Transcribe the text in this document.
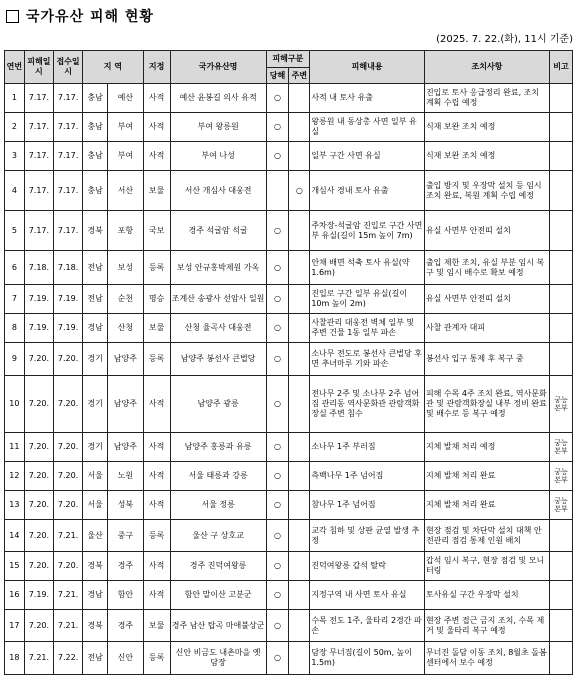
국가유산 피해 현황
(2025. 7. 22.(화), 11시 기준)
연번	피해일시	접수일시	지 역		지정	국가유산명	피해구분		피해내용	조치사항	비고
							당해	주변			
1	7.17.	7.17.	충남	예산	사적	예산 윤봉길 의사 유적	○		사적 내 토사 유출	진입로 토사 응급정리 완료, 조치 계획 수립 예정	
2	7.17.	7.17.	충남	부여	사적	부여 왕릉원	○		왕릉원 내 동상총 사면 일부 유실	식재 보완 조치 예정	
3	7.17.	7.17.	충남	부여	사적	부여 나성	○		일부 구간 사면 유실	식재 보완 조치 예정	
4	7.17.	7.17.	충남	서산	보물	서산 개심사 대웅전		○	개심사 경내 토사 유출	출입 방지 및 우장막 설치 등 임시조치 완료, 복원 계획 수립 예정	
5	7.17.	7.17.	경북	포항	국보	경주 석굴암 석굴	○		주차장-석굴암 진입로 구간 사면부 유실(길이 15m 높이 7m)	유실 사면부 안전띠 설치	
6	7.18.	7.18.	전남	보성	등록	보성 안규홍박제원 가옥	○		안채 배면 석축 토사 유실(약 1.6m)	출입 제한 조치, 유실 부분 임시 복구 및 임시 배수로 확보 예정	
7	7.19.	7.19.	전남	순천	명승	조계산 송광사 선암사 일원	○		진입로 구간 일부 유실(길이 10m 높이 2m)	유실 사면부 안전띠 설치	
8	7.19.	7.19.	경남	산청	보물	산청 율곡사 대웅전	○		사찰관리 대웅전 벽체 일부 및 주변 건물 1동 일부 파손	사찰 관계자 대피	
9	7.20.	7.20.	경기	남양주	등록	남양주 봉선사 큰법당	○		소나무 전도로 봉선사 큰법당 후면 추녀마루 기와 파손	봉선사 입구 통제 후 복구 중	
10	7.20.	7.20.	경기	남양주	사적	남양주 광릉	○		전나무 2주 및 소나무 2주 넘어짐 관리동 역사문화관 관람객화장실 주변 침수	피해 수목 4주 조치 완료, 역사문화관 및 관람객화장실 내부 정비 완료 및 배수로 등 복구 예정	궁능본부
11	7.20.	7.20.	경기	남양주	사적	남양주 홍릉과 유릉	○		소나무 1주 부러짐	지체 발채 처리 예정	궁능본부
12	7.20.	7.20.	서울	노원	사적	서울 태릉과 강릉	○		측백나무 1주 넘어짐	지체 발채 처리 완료	궁능본부
13	7.20.	7.20.	서울	성북	사적	서울 정릉	○		참나무 1주 넘어짐	지체 발채 처리 완료	궁능본부
14	7.20.	7.21.	울산	중구	등록	울산 구 상호교	○		교각 침하 및 상판 균열 발생 추정	현장 점검 및 차단막 설치 대책 안전관리 점검 통제 인원 배치	
15	7.20.	7.20.	경북	경주	사적	경주 진덕여왕릉	○		진덕여왕릉 갑석 탈락	갑석 임시 복구, 현장 점검 및 모니터링	
16	7.19.	7.21.	경남	함안	사적	함안 말이산 고분군	○		지정구역 내 사면 토사 유실	토사유실 구간 우장막 설치	
17	7.20.	7.21.	경북	경주	보물	경주 남산 탑곡 마애불상군	○		수목 전도 1주, 울타리 2경간 파손	현장 주변 접근 금지 조치, 수목 제거 및 울타리 복구 예정	
18	7.21.	7.22.	전남	신안	등록	신안 비금도 내촌마을 옛 담장	○		담장 무너짐(길이 50m, 높이 1.5m)	무너진 돌담 이동 조치, 8월초 돌봄센터에서 보수 예정	
